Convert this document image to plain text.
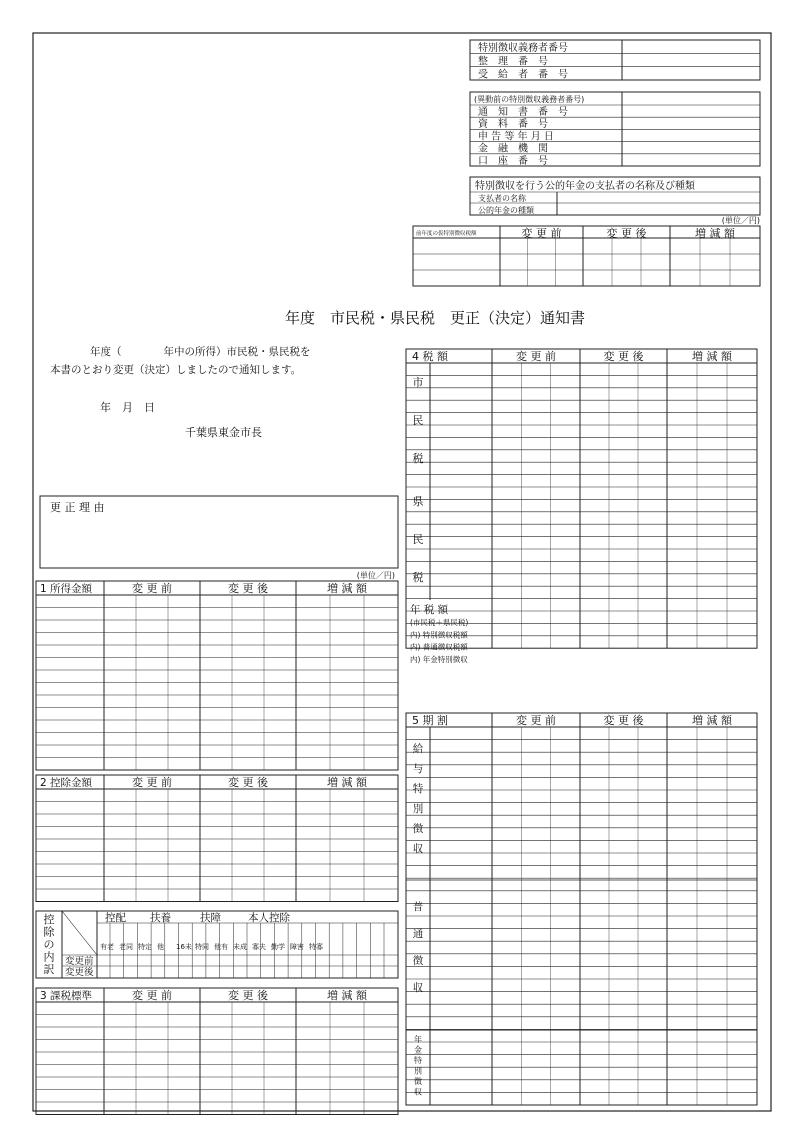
特別徴収義務者番号
整　理　番　号
受　給　者　番　号
(異動前の特別徴収義務者番号)
通　知　書　番　号
資　料　番　号
申 告 等 年 月 日
金　融　機　関
口　座　番　号
特別徴収を行う公的年金の支払者の名称及び種類
支払者の名称
公的年金の種類
(単位／円)
前年度の仮特別徴収税額	変 更 前	変 更 後	増 減 額
年度　市民税・県民税　更正（決定）通知書
年度（　　　　年中の所得）市民税・県民税を
本書のとおり変更（決定）しましたので通知します。
年　月　日
千葉県東金市長
更 正 理 由
(単位／円)
1 所得金額	変 更 前	変 更 後	増 減 額
2 控除金額	変 更 前	変 更 後	増 減 額
控
除
の
内
訳
控配 扶養	扶障	本人控除
有老 老同 特定 他 16未 特同 他有 未成 寡夫 勤学 障害 特寡
変更前
変更後
3 課税標準	変 更 前	変 更 後	増 減 額
4 税 額	変 更 前	変 更 後	増 減 額
市
民
税
県
民
税
年 税 額
(市民税＋県民税)
内) 特別徴収税額
内) 普通徴収税額
内) 年金特別徴収
5 期 割	変 更 前	変 更 後	増 減 額
給
与
特
別
徴
収
普
通
徴
収
年
金
特
別
徴
収
